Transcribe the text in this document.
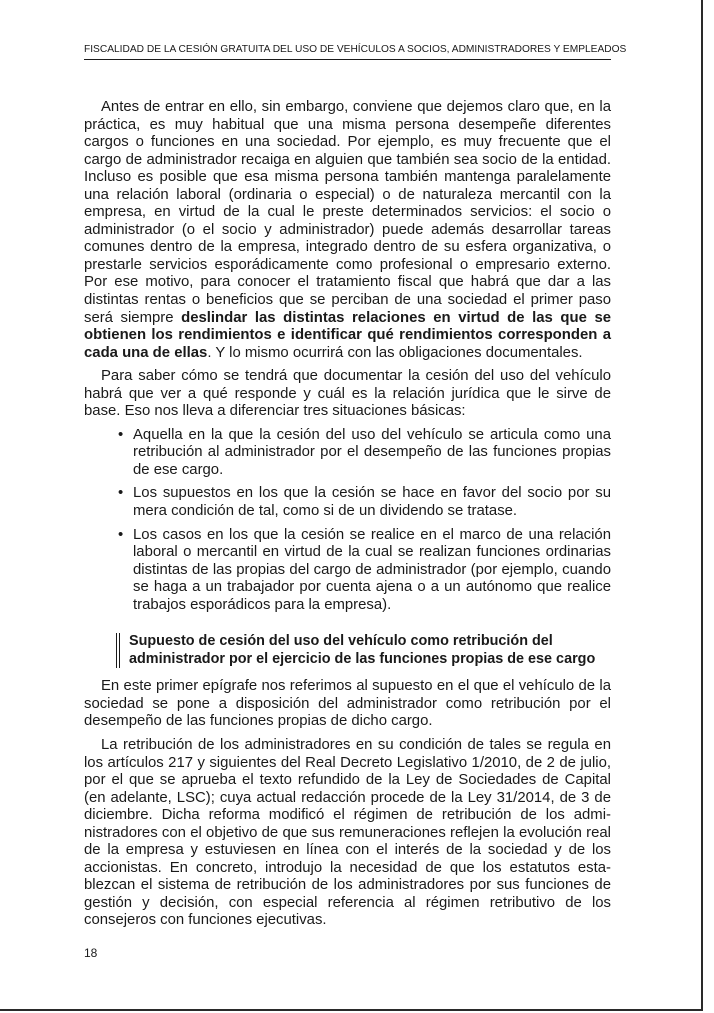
FISCALIDAD DE LA CESIÓN GRATUITA DEL USO DE VEHÍCULOS A SOCIOS, ADMINISTRADORES Y EMPLEADOS

Antes de entrar en ello, sin embargo, conviene que dejemos claro que, en la práctica, es muy habitual que una misma persona desempeñe diferentes cargos o funciones en una sociedad. Por ejemplo, es muy frecuente que el cargo de administrador recaiga en alguien que también sea socio de la entidad. Incluso es posible que esa misma persona también mantenga paralelamente una relación laboral (ordinaria o especial) o de naturaleza mercantil con la empresa, en virtud de la cual le preste determinados servicios: el socio o administrador (o el socio y administrador) puede además desarrollar tareas comunes dentro de la empresa, integrado dentro de su esfera organizativa, o prestarle servicios esporádicamente como profesional o empresario externo. Por ese motivo, para conocer el tratamiento fiscal que habrá que dar a las distintas rentas o beneficios que se perciban de una sociedad el primer paso será siempre deslindar las distintas relaciones en virtud de las que se obtienen los rendimientos e identificar qué rendimientos corresponden a cada una de ellas. Y lo mismo ocurrirá con las obligaciones documentales.

Para saber cómo se tendrá que documentar la cesión del uso del vehículo habrá que ver a qué responde y cuál es la relación jurídica que le sirve de base. Eso nos lleva a diferenciar tres situaciones básicas:

• Aquella en la que la cesión del uso del vehículo se articula como una retribución al administrador por el desempeño de las funciones propias de ese cargo.
• Los supuestos en los que la cesión se hace en favor del socio por su mera condición de tal, como si de un dividendo se tratase.
• Los casos en los que la cesión se realice en el marco de una relación laboral o mercantil en virtud de la cual se realizan funciones ordinarias distintas de las propias del cargo de administrador (por ejemplo, cuando se haga a un trabajador por cuenta ajena o a un autónomo que realice trabajos esporádicos para la empresa).
Supuesto de cesión del uso del vehículo como retribución del administrador por el ejercicio de las funciones propias de ese cargo

En este primer epígrafe nos referimos al supuesto en el que el vehículo de la sociedad se pone a disposición del administrador como retribución por el desempeño de las funciones propias de dicho cargo.

La retribución de los administradores en su condición de tales se regula en los artículos 217 y siguientes del Real Decreto Legislativo 1/2010, de 2 de julio, por el que se aprueba el texto refundido de la Ley de Sociedades de Capital (en adelante, LSC); cuya actual redacción procede de la Ley 31/2014, de 3 de diciembre. Dicha reforma modificó el régimen de retribución de los administradores con el objetivo de que sus remuneraciones reflejen la evolución real de la empresa y estuviesen en línea con el interés de la sociedad y de los accionistas. En concreto, introdujo la necesidad de que los estatutos establezcan el sistema de retribución de los administradores por sus funciones de gestión y decisión, con especial referencia al régimen retributivo de los consejeros con funciones ejecutivas.

18
